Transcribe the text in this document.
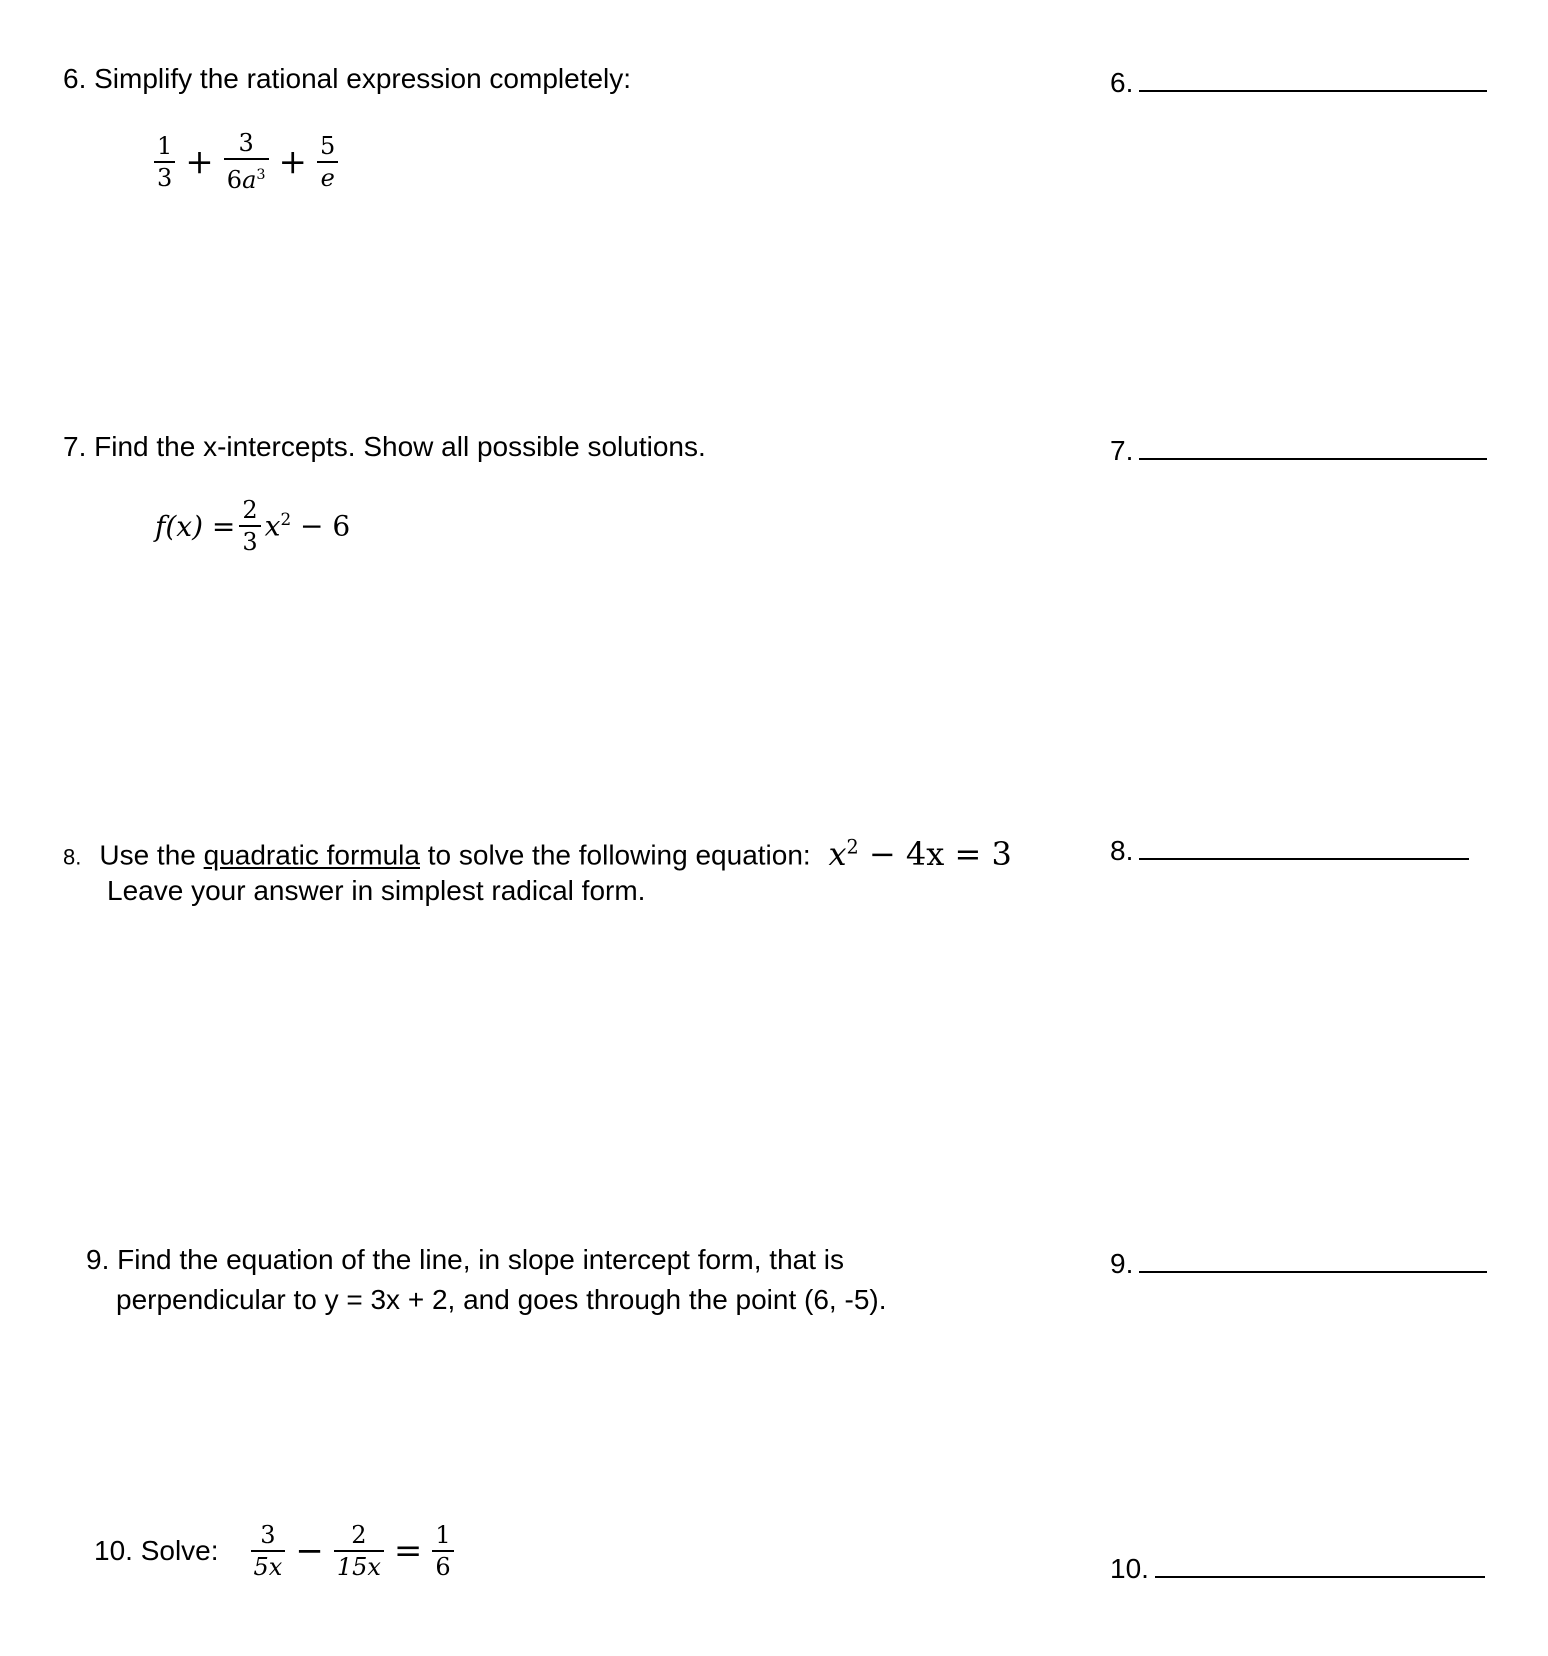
6. Simplify the rational expression completely:	6.
$\frac{1}{3} + \frac{3}{6a^3} + \frac{5}{e}$
7. Find the x-intercepts. Show all possible solutions.	7.
$f(x) = \frac{2}{3} x^2 - 6$
8. Use the quadratic formula to solve the following equation: $x^2 - 4x = 3$
Leave your answer in simplest radical form.
8.
9. Find the equation of the line, in slope intercept form, that is
perpendicular to y = 3x + 2, and goes through the point (6, -5).
9.
10. Solve: $\frac{3}{5x} - \frac{2}{15x} = \frac{1}{6}$	10.
